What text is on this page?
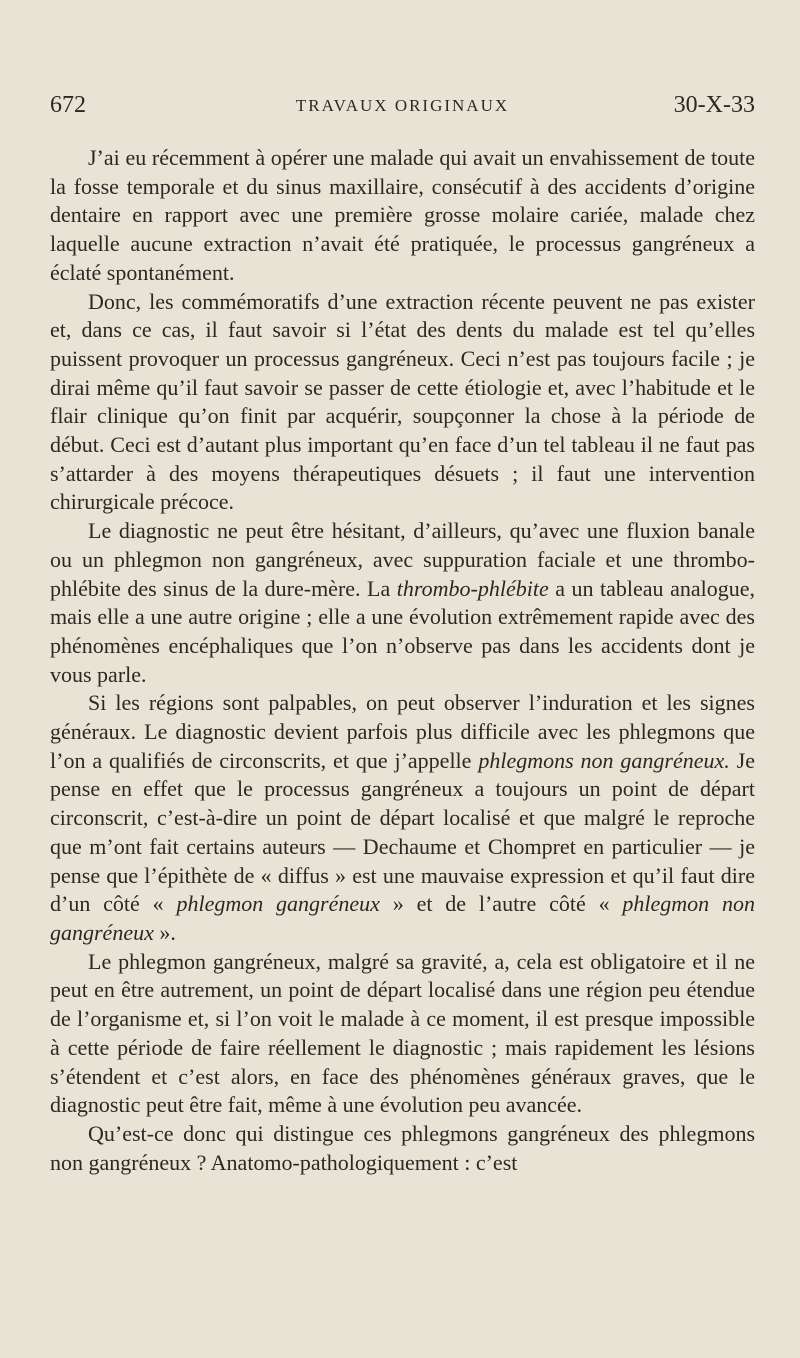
672	TRAVAUX ORIGINAUX	30-X-33

J’ai eu récemment à opérer une malade qui avait un envahissement de toute la fosse temporale et du sinus maxillaire, consécutif à des accidents d’origine dentaire en rapport avec une première grosse molaire cariée, malade chez laquelle aucune extraction n’avait été pratiquée, le processus gangréneux a éclaté spontanément.

Donc, les commémoratifs d’une extraction récente peuvent ne pas exister et, dans ce cas, il faut savoir si l’état des dents du malade est tel qu’elles puissent provoquer un processus gangréneux. Ceci n’est pas toujours facile ; je dirai même qu’il faut savoir se passer de cette étiologie et, avec l’habitude et le flair clinique qu’on finit par acquérir, soupçonner la chose à la période de début. Ceci est d’autant plus important qu’en face d’un tel tableau il ne faut pas s’attarder à des moyens thérapeutiques désuets ; il faut une intervention chirurgicale précoce.

Le diagnostic ne peut être hésitant, d’ailleurs, qu’avec une fluxion banale ou un phlegmon non gangréneux, avec suppuration faciale et une thrombo-phlébite des sinus de la dure-mère. La thrombo-phlébite a un tableau analogue, mais elle a une autre origine ; elle a une évolution extrêmement rapide avec des phénomènes encéphaliques que l’on n’observe pas dans les accidents dont je vous parle.

Si les régions sont palpables, on peut observer l’induration et les signes généraux. Le diagnostic devient parfois plus difficile avec les phlegmons que l’on a qualifiés de circonscrits, et que j’appelle phlegmons non gangréneux. Je pense en effet que le processus gangréneux a toujours un point de départ circonscrit, c’est-à-dire un point de départ localisé et que malgré le reproche que m’ont fait certains auteurs — Dechaume et Chompret en particulier — je pense que l’épithète de « diffus » est une mauvaise expression et qu’il faut dire d’un côté « phlegmon gangréneux » et de l’autre côté « phlegmon non gangréneux ».

Le phlegmon gangréneux, malgré sa gravité, a, cela est obligatoire et il ne peut en être autrement, un point de départ localisé dans une région peu étendue de l’organisme et, si l’on voit le malade à ce moment, il est presque impossible à cette période de faire réellement le diagnostic ; mais rapidement les lésions s’étendent et c’est alors, en face des phénomènes généraux graves, que le diagnostic peut être fait, même à une évolution peu avancée.

Qu’est-ce donc qui distingue ces phlegmons gangréneux des phlegmons non gangréneux ? Anatomo-pathologiquement : c’est
